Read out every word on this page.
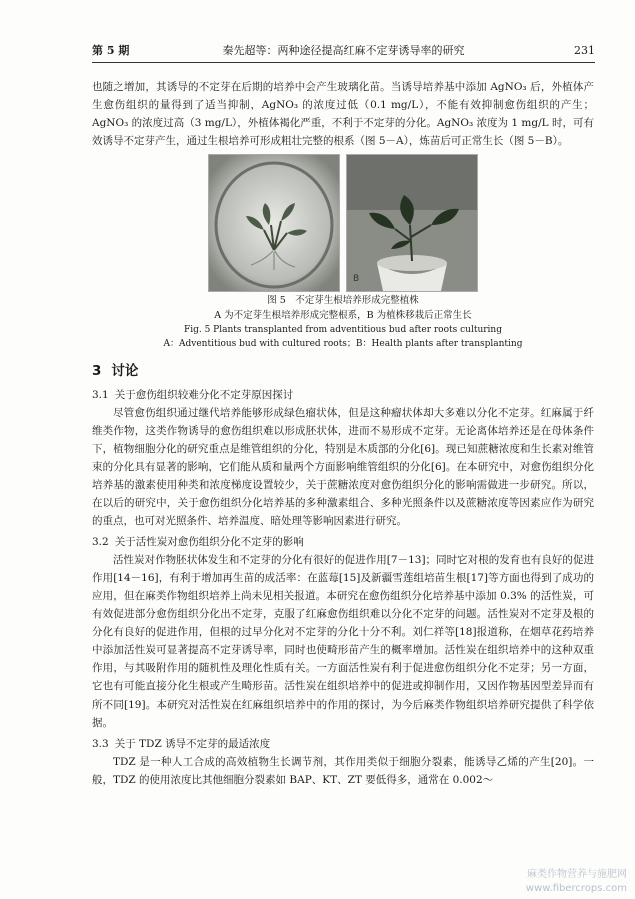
第 5 期	秦先超等：两种途径提高红麻不定芽诱导率的研究	231

也随之增加，其诱导的不定芽在后期的培养中会产生玻璃化苗。当诱导培养基中添加 AgNO₃ 后，外植体产生愈伤组织的量得到了适当抑制，AgNO₃ 的浓度过低（0.1 mg/L），不能有效抑制愈伤组织的产生；AgNO₃ 的浓度过高（3 mg/L），外植体褐化严重，不利于不定芽的分化。AgNO₃ 浓度为 1 mg/L 时，可有效诱导不定芽产生，通过生根培养可形成粗壮完整的根系（图 5－A），炼苗后可正常生长（图 5－B）。

B
图 5　不定芽生根培养形成完整植株
A 为不定芽生根培养形成完整根系，B 为植株移栽后正常生长
Fig. 5 Plants transplanted from adventitious bud after roots culturing
A：Adventitious bud with cultured roots；B：Health plants after transplanting
3 讨论
3.1 关于愈伤组织较难分化不定芽原因探讨

尽管愈伤组织通过继代培养能够形成绿色瘤状体，但是这种瘤状体却大多难以分化不定芽。红麻属于纤维类作物，这类作物诱导的愈伤组织难以形成胚状体，进而不易形成不定芽。无论离体培养还是在母体条件下，植物细胞分化的研究重点是维管组织的分化，特别是木质部的分化[6]。现已知蔗糖浓度和生长素对维管束的分化具有显著的影响，它们能从质和量两个方面影响维管组织的分化[6]。在本研究中，对愈伤组织分化培养基的激素使用种类和浓度梯度设置较少，关于蔗糖浓度对愈伤组织分化的影响需做进一步研究。所以，在以后的研究中，关于愈伤组织分化培养基的多种激素组合、多种光照条件以及蔗糖浓度等因素应作为研究的重点，也可对光照条件、培养温度、暗处理等影响因素进行研究。

3.2 关于活性炭对愈伤组织分化不定芽的影响

活性炭对作物胚状体发生和不定芽的分化有很好的促进作用[7－13]；同时它对根的发育也有良好的促进作用[14－16]，有利于增加再生苗的成活率：在蓝莓[15]及新疆雪莲组培苗生根[17]等方面也得到了成功的应用，但在麻类作物组织培养上尚未见相关报道。本研究在愈伤组织分化培养基中添加 0.3% 的活性炭，可有效促进部分愈伤组织分化出不定芽，克服了红麻愈伤组织难以分化不定芽的问题。活性炭对不定芽及根的分化有良好的促进作用，但根的过早分化对不定芽的分化十分不利。刘仁祥等[18]报道称，在烟草花药培养中添加活性炭可显著提高不定芽诱导率，同时也使畸形苗产生的概率增加。活性炭在组织培养中的这种双重作用，与其吸附作用的随机性及理化性质有关。一方面活性炭有利于促进愈伤组织分化不定芽；另一方面，它也有可能直接分化生根或产生畸形苗。活性炭在组织培养中的促进或抑制作用，又因作物基因型差异而有所不同[19]。本研究对活性炭在红麻组织培养中的作用的探讨，为今后麻类作物组织培养研究提供了科学依据。

3.3 关于 TDZ 诱导不定芽的最适浓度

TDZ 是一种人工合成的高效植物生长调节剂，其作用类似于细胞分裂素，能诱导乙烯的产生[20]。一般，TDZ 的使用浓度比其他细胞分裂素如 BAP、KT、ZT 要低得多，通常在 0.002～

麻类作物营养与施肥网
www.fibercrops.com
